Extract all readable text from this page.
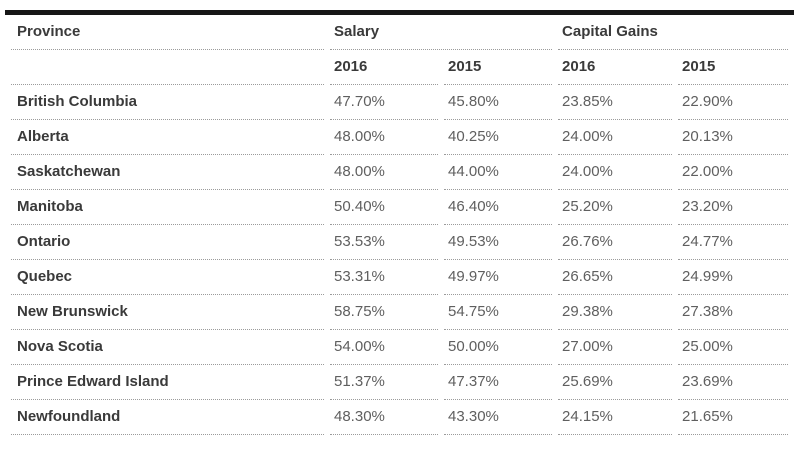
Province	Salary		Capital Gains	
	2016	2015	2016	2015
British Columbia	47.70%	45.80%	23.85%	22.90%
Alberta	48.00%	40.25%	24.00%	20.13%
Saskatchewan	48.00%	44.00%	24.00%	22.00%
Manitoba	50.40%	46.40%	25.20%	23.20%
Ontario	53.53%	49.53%	26.76%	24.77%
Quebec	53.31%	49.97%	26.65%	24.99%
New Brunswick	58.75%	54.75%	29.38%	27.38%
Nova Scotia	54.00%	50.00%	27.00%	25.00%
Prince Edward Island	51.37%	47.37%	25.69%	23.69%
Newfoundland	48.30%	43.30%	24.15%	21.65%
